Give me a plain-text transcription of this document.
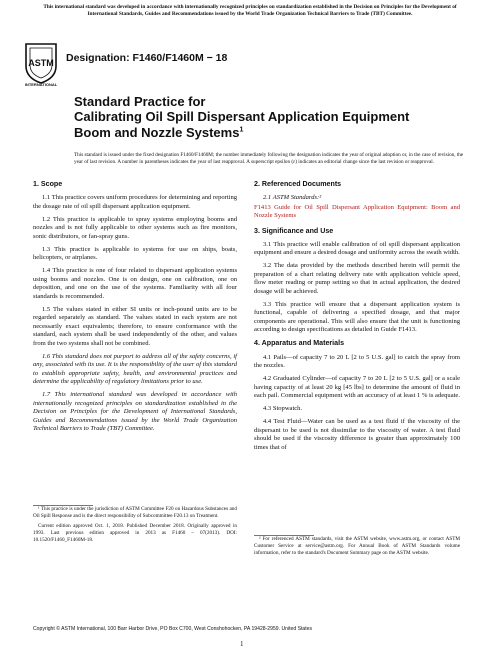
This international standard was developed in accordance with internationally recognized principles on standardization established in the Decision on Principles for the Development of International Standards, Guides and Recommendations issued by the World Trade Organization Technical Barriers to Trade (TBT) Committee.
ASTM
INTERNATIONAL
Designation: F1460/F1460M − 18
Standard Practice for
Calibrating Oil Spill Dispersant Application Equipment
Boom and Nozzle Systems$^1$
This standard is issued under the fixed designation F1460/F1460M; the number immediately following the designation indicates the year of original adoption or, in the case of revision, the year of last revision. A number in parentheses indicates the year of last reapproval. A superscript epsilon (ε) indicates an editorial change since the last revision or reapproval.
1. Scope

1.1 This practice covers uniform procedures for determining and reporting the dosage rate of oil spill dispersant application equipment.

1.2 This practice is applicable to spray systems employing booms and nozzles and is not fully applicable to other systems such as fire monitors, sonic distributors, or fan-spray guns.

1.3 This practice is applicable to systems for use on ships, boats, helicopters, or airplanes.

1.4 This practice is one of four related to dispersant application systems using booms and nozzles. One is on design, one on calibration, one on deposition, and one on the use of the systems. Familiarity with all four standards is recommended.

1.5 The values stated in either SI units or inch-pound units are to be regarded separately as standard. The values stated in each system are not necessarily exact equivalents; therefore, to ensure conformance with the standard, each system shall be used independently of the other, and values from the two systems shall not be combined.

1.6 This standard does not purport to address all of the safety concerns, if any, associated with its use. It is the responsibility of the user of this standard to establish appropriate safety, health, and environmental practices and determine the applicability of regulatory limitations prior to use.

1.7 This international standard was developed in accordance with internationally recognized principles on standardization established in the Decision on Principles for the Development of International Standards, Guides and Recommendations issued by the World Trade Organization Technical Barriers to Trade (TBT) Committee.

¹ This practice is under the jurisdiction of ASTM Committee F20 on Hazardous Substances and Oil Spill Response and is the direct responsibility of Subcommittee F20.13 on Treatment.

Current edition approved Oct. 1, 2018. Published December 2018. Originally approved in 1993. Last previous edition approved in 2013 as F1460 – 07(2013). DOI: 10.1520/F1460_F1460M-18.

2. Referenced Documents

2.1 ASTM Standards:²

F1413 Guide for Oil Spill Dispersant Application Equipment: Boom and Nozzle Systems
3. Significance and Use

3.1 This practice will enable calibration of oil spill dispersant application equipment and ensure a desired dosage and uniformity across the swath width.

3.2 The data provided by the methods described herein will permit the preparation of a chart relating delivery rate with application vehicle speed, flow meter reading or pump setting so that in actual application, the desired dosage will be achieved.

3.3 This practice will ensure that a dispersant application system is functional, capable of delivering a specified dosage, and that major components are operational. This will also ensure that the unit is functioning according to design specifications as detailed in Guide F1413.

4. Apparatus and Materials

4.1 Pails—of capacity 7 to 20 L [2 to 5 U.S. gal] to catch the spray from the nozzles.

4.2 Graduated Cylinder—of capacity 7 to 20 L [2 to 5 U.S. gal] or a scale having capacity of at least 20 kg [45 lbs] to determine the amount of fluid in each pail. Commercial equipment with an accuracy of at least 1 % is adequate.

4.3 Stopwatch.

4.4 Test Fluid—Water can be used as a test fluid if the viscosity of the dispersant to be used is not dissimilar to the viscosity of water. A test fluid should be used if the viscosity difference is greater than approximately 100 times that of

² For referenced ASTM standards, visit the ASTM website, www.astm.org, or contact ASTM Customer Service at service@astm.org. For Annual Book of ASTM Standards volume information, refer to the standard's Document Summary page on the ASTM website.

Copyright © ASTM International, 100 Barr Harbor Drive, PO Box C700, West Conshohocken, PA 19428-2959. United States
1
